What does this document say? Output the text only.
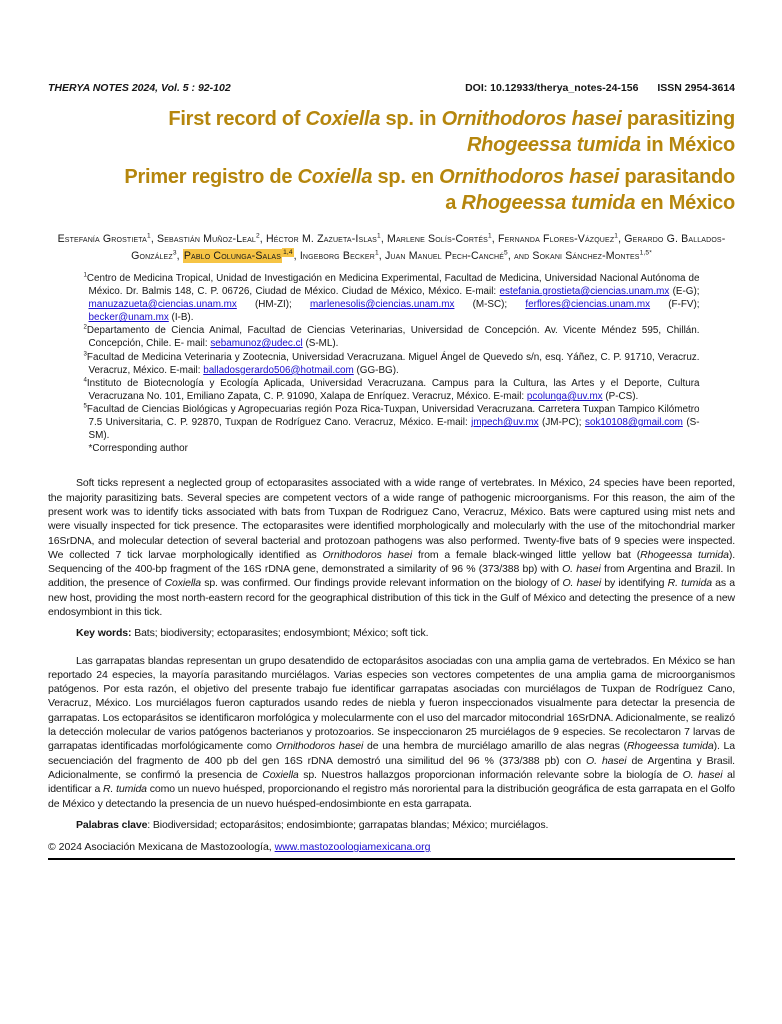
THERYA NOTES 2024, Vol. 5 : 92-102	DOI: 10.12933/therya_notes-24-156 ISSN 2954-3614
First record of Coxiella sp. in Ornithodoros hasei parasitizing
Rhogeessa tumida in México
Primer registro de Coxiella sp. en Ornithodoros hasei parasitando
a Rhogeessa tumida en México

Estefanía Grostieta$^1$, Sebastián Muñoz-Leal$^2$, Héctor M. Zazueta-Islas$^1$, Marlene Solís-Cortés$^1$, Fernanda Flores-Vázquez$^1$, Gerardo G. Ballados-González$^3$, Pablo Colunga-Salas $^{1,4}$, Ingeborg Becker$^1$, Juan Manuel Pech-Canché$^5$, and Sokani Sánchez-Montes$^{1,5*}$

$^1$Centro de Medicina Tropical, Unidad de Investigación en Medicina Experimental, Facultad de Medicina, Universidad Nacional Autónoma de México. Dr. Balmis 148, C. P. 06726, Ciudad de México. Ciudad de México, México. E-mail: estefania.grostieta@ciencias.unam.mx (E-G); manuzazueta@ciencias.unam.mx (HM-ZI); marlenesolis@ciencias.unam.mx (M-SC); ferflores@ciencias.unam.mx (F-FV); becker@unam.mx (I-B).
$^2$Departamento de Ciencia Animal, Facultad de Ciencias Veterinarias, Universidad de Concepción. Av. Vicente Méndez 595, Chillán. Concepción, Chile. E- mail: sebamunoz@udec.cl (S-ML).
$^3$Facultad de Medicina Veterinaria y Zootecnia, Universidad Veracruzana. Miguel Ángel de Quevedo s/n, esq. Yáñez, C. P. 91710, Veracruz. Veracruz, México. E-mail: balladosgerardo506@hotmail.com (GG-BG).
$^4$Instituto de Biotecnología y Ecología Aplicada, Universidad Veracruzana. Campus para la Cultura, las Artes y el Deporte, Cultura Veracruzana No. 101, Emiliano Zapata, C. P. 91090, Xalapa de Enríquez. Veracruz, México. E-mail: pcolunga@uv.mx (P-CS).
$^5$Facultad de Ciencias Biológicas y Agropecuarias región Poza Rica-Tuxpan, Universidad Veracruzana. Carretera Tuxpan Tampico Kilómetro 7.5 Universitaria, C. P. 92870, Tuxpan de Rodríguez Cano. Veracruz, México. E-mail: jmpech@uv.mx (JM-PC); sok10108@gmail.com (S-SM).
*Corresponding author

Soft ticks represent a neglected group of ectoparasites associated with a wide range of vertebrates. In México, 24 species have been reported, the majority parasitizing bats. Several species are competent vectors of a wide range of pathogenic microorganisms. For this reason, the aim of the present work was to identify ticks associated with bats from Tuxpan de Rodriguez Cano, Veracruz, México. Bats were captured using mist nets and were visually inspected for tick presence. The ectoparasites were identified morphologically and molecularly with the use of the mitochondrial marker 16SrDNA, and molecular detection of several bacterial and protozoan pathogens was also performed. Twenty-five bats of 9 species were inspected. We collected 7 tick larvae morphologically identified as Ornithodoros hasei from a female black-winged little yellow bat (Rhogeessa tumida). Sequencing of the 400-bp fragment of the 16S rDNA gene, demonstrated a similarity of 96 % (373/388 bp) with O. hasei from Argentina and Brazil. In addition, the presence of Coxiella sp. was confirmed. Our findings provide relevant information on the biology of O. hasei by identifying R. tumida as a new host, providing the most north-eastern record for the geographical distribution of this tick in the Gulf of México and detecting the presence of a new endosymbiont in this tick.

Key words: Bats; biodiversity; ectoparasites; endosymbiont; México; soft tick.

Las garrapatas blandas representan un grupo desatendido de ectoparásitos asociadas con una amplia gama de vertebrados. En México se han reportado 24 especies, la mayoría parasitando murciélagos. Varias especies son vectores competentes de una amplia gama de microorganismos patógenos. Por esta razón, el objetivo del presente trabajo fue identificar garrapatas asociadas con murciélagos de Tuxpan de Rodríguez Cano, Veracruz, México. Los murciélagos fueron capturados usando redes de niebla y fueron inspeccionados visualmente para detectar la presencia de garrapatas. Los ectoparásitos se identificaron morfológica y molecularmente con el uso del marcador mitocondrial 16SrDNA. Adicionalmente, se realizó la detección molecular de varios patógenos bacterianos y protozoarios. Se inspeccionaron 25 murciélagos de 9 especies. Se recolectaron 7 larvas de garrapatas identificadas morfológicamente como Ornithodoros hasei de una hembra de murciélago amarillo de alas negras (Rhogeessa tumida). La secuenciación del fragmento de 400 pb del gen 16S rDNA demostró una similitud del 96 % (373/388 pb) con O. hasei de Argentina y Brasil. Adicionalmente, se confirmó la presencia de Coxiella sp. Nuestros hallazgos proporcionan información relevante sobre la biología de O. hasei al identificar a R. tumida como un nuevo huésped, proporcionando el registro más nororiental para la distribución geográfica de esta garrapata en el Golfo de México y detectando la presencia de un nuevo huésped-endosimbionte en esta garrapata.

Palabras clave: Biodiversidad; ectoparásitos; endosimbionte; garrapatas blandas; México; murciélagos.

© 2024 Asociación Mexicana de Mastozoología, www.mastozoologiamexicana.org
